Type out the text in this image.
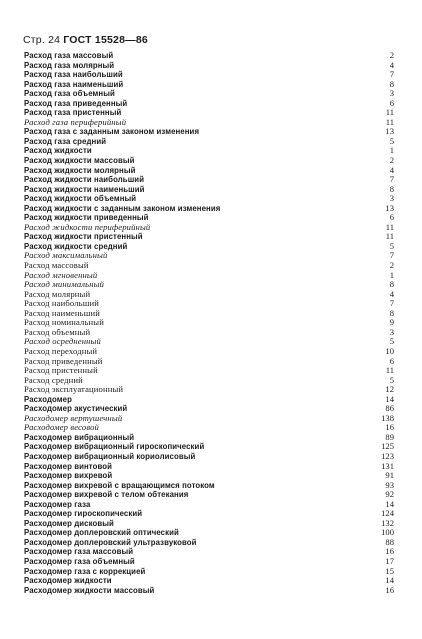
Стр. 24 ГОСТ 15528—86
Расход газа массовый	2
Расход газа молярный	4
Расход газа наибольший	7
Расход газа наименьший	8
Расход газа объемный	3
Расход газа приведенный	6
Расход газа пристенный	11
Расход газа периферийный	11
Расход газа с заданным законом изменения	13
Расход газа средний	5
Расход жидкости	1
Расход жидкости массовый	2
Расход жидкости молярный	4
Расход жидкости наибольший	7
Расход жидкости наименьший	8
Расход жидкости объемный	3
Расход жидкости с заданным законом изменения	13
Расход жидкости приведенный	6
Расход жидкости периферийный	11
Расход жидкости пристенный	11
Расход жидкости средний	5
Расход максимальный	7
Расход массовый	2
Расход мгновенный	1
Расход минимальный	8
Расход молярный	4
Расход наибольший	7
Расход наименьший	8
Расход номинальный	9
Расход объемный	3
Расход осредненный	5
Расход переходный	10
Расход приведенный	6
Расход пристенный	11
Расход средний	5
Расход эксплуатационный	12
Расходомер	14
Расходомер акустический	86
Расходомер вертушечный	138
Расходомер весовой	16
Расходомер вибрационный	89
Расходомер вибрационный гироскопический	125
Расходомер вибрационный кориолисовый	123
Расходомер винтовой	131
Расходомер вихревой	91
Расходомер вихревой с вращающимся потоком	93
Расходомер вихревой с телом обтекания	92
Расходомер газа	14
Расходомер гироскопический	124
Расходомер дисковый	132
Расходомер доплеровский оптический	100
Расходомер доплеровский ультразвуковой	88
Расходомер газа массовый	16
Расходомер газа объемный	17
Расходомер газа с коррекцией	15
Расходомер жидкости	14
Расходомер жидкости массовый	16
